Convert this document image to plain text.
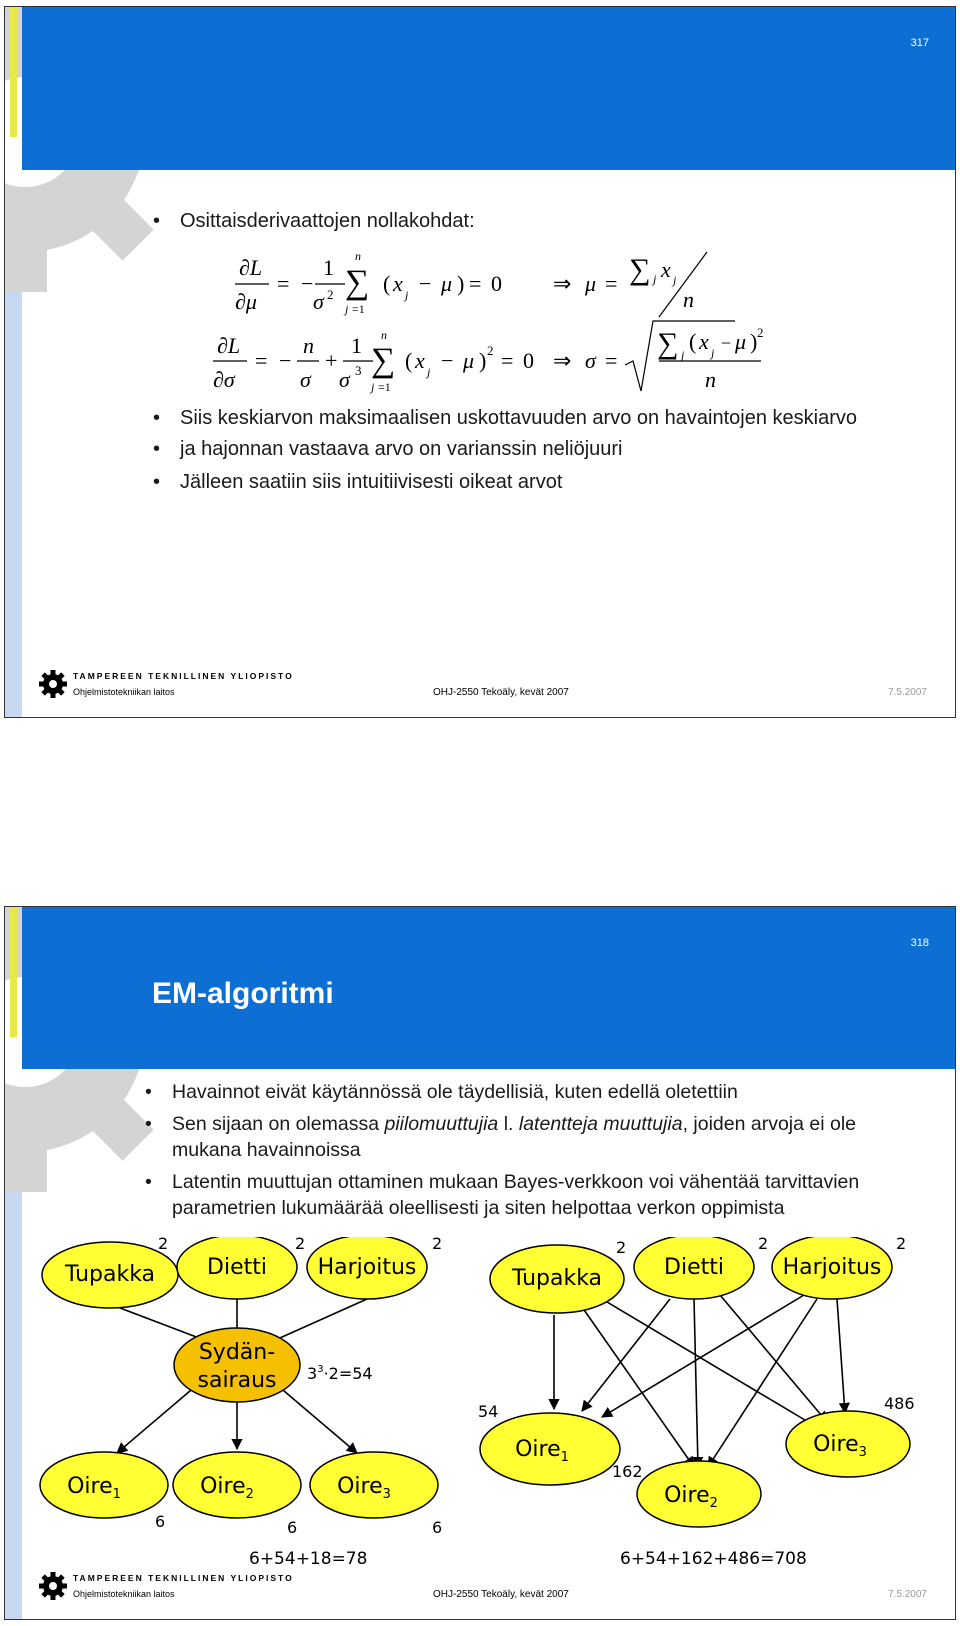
317
• Osittaisderivaattojen nollakohdat:
∂L
∂μ
= −
1
σ 2
n
∑
j =1
( x j − μ ) = 0 ⇒ μ = ∑ j x j
n
∂L
∂σ
= −
n
σ
+
1
σ 3
n
∑
j =1
( x j − μ ) 2 = 0 ⇒ σ =
∑ j
( x j − μ ) 2
n
• Siis keskiarvon maksimaalisen uskottavuuden arvo on havaintojen keskiarvo
• ja hajonnan vastaava arvo on varianssin neliöjuuri
• Jälleen saatiin siis intuitiivisesti oikeat arvot
TAMPEREEN TEKNILLINEN YLIOPISTO
Ohjelmistotekniikan laitos	OHJ-2550 Tekoäly, kevät 2007	7.5.2007
318
EM-algoritmi
• Havainnot eivät käytännössä ole täydellisiä, kuten edellä oletettiin
• Sen sijaan on olemassa piilomuuttujia l. latentteja muuttujia, joiden arvoja ei ole mukana havainnoissa
• Latentin muuttujan ottaminen mukaan Bayes-verkkoon voi vähentää tarvittavien parametrien lukumäärää oleellisesti ja siten helpottaa verkon oppimista
Tupakka Dietti Harjoitus
Sydän-
sairaus
Oire$_1$	Oire$_2$	Oire$_3$
2	2	2
$3^3\cdot 2=54$
6	6	6
6+54+18=78
Tupakka	Dietti	Harjoitus
Oire$_1$
Oire$_2$
Oire$_3$
2	2	2
54
162
486
6+54+162+486=708
TAMPEREEN TEKNILLINEN YLIOPISTO
Ohjelmistotekniikan laitos	OHJ-2550 Tekoäly, kevät 2007	7.5.2007
